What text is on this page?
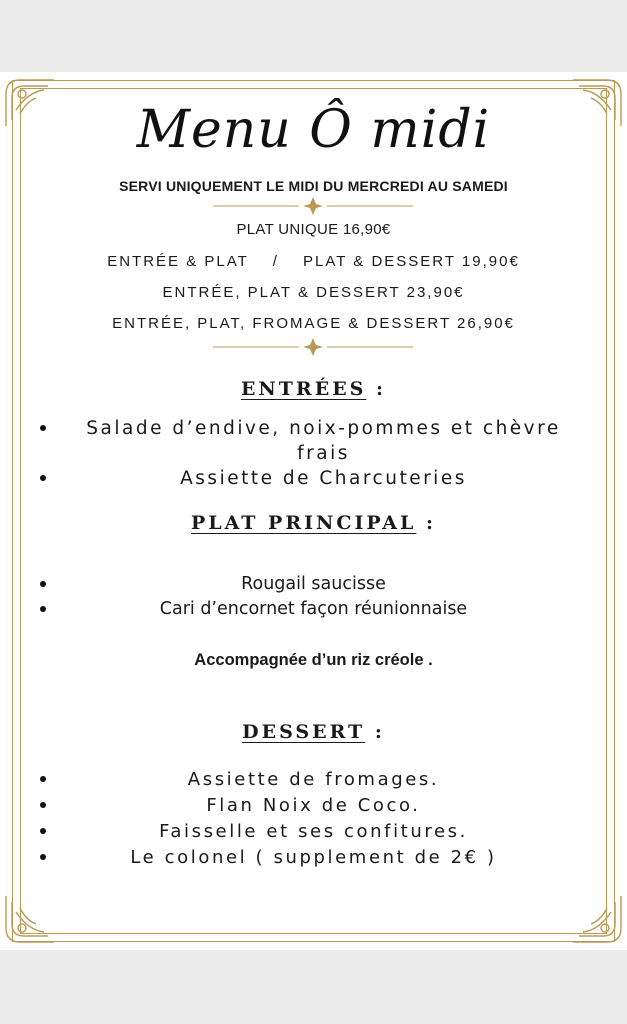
Menu Ô midi
SERVI UNIQUEMENT LE MIDI DU MERCREDI AU SAMEDI
PLAT UNIQUE 16,90€
ENTRÉE & PLAT / PLAT & DESSERT 19,90€
ENTRÉE, PLAT & DESSERT 23,90€
ENTRÉE, PLAT, FROMAGE & DESSERT 26,90€
ENTRÉES :
Salade d’endive, noix-pommes et chèvre frais
Assiette de Charcuteries
PLAT PRINCIPAL :
Rougail saucisse
Cari d’encornet façon réunionnaise
Accompagnée d’un riz créole .
DESSERT :
Assiette de fromages.
Flan Noix de Coco.
Faisselle et ses confitures.
Le colonel ( supplement de 2€ )
